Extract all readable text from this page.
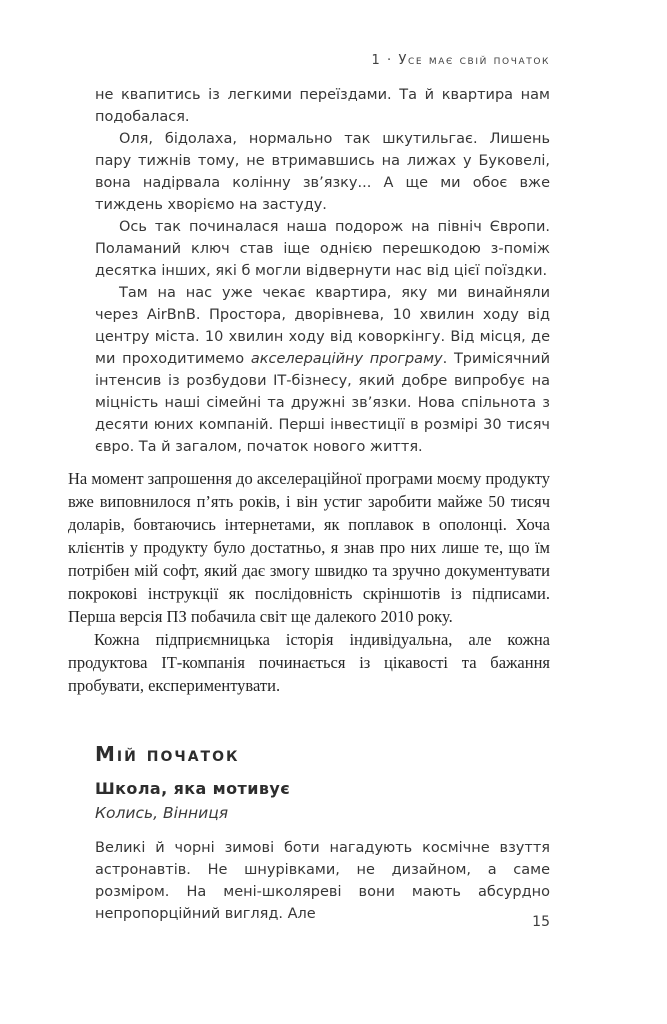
1 · Усе має свій початок

не квапитись із легкими переїздами. Та й квартира нам подобалася.

Оля, бідолаха, нормально так шкутильгає. Лишень пару тижнів тому, не втримавшись на лижах у Буковелі, вона надірвала колінну зв’язку... А ще ми обоє вже тиждень хворіємо на застуду.

Ось так починалася наша подорож на північ Європи. Поламаний ключ став іще однією перешкодою з-поміж десятка інших, які б могли відвернути нас від цієї поїздки.

Там на нас уже чекає квартира, яку ми винайняли через AirBnB. Простора, дворівнева, 10 хвилин ходу від центру міста. 10 хвилин ходу від коворкінгу. Від місця, де ми проходитимемо акселераційну програму. Тримісячний інтенсив із розбудови ІТ-бізнесу, який добре випробує на міцність наші сімейні та дружні зв’язки. Нова спільнота з десяти юних компаній. Перші інвестиції в розмірі 30 тисяч євро. Та й загалом, початок нового життя.

На момент запрошення до акселераційної програми моєму продукту вже виповнилося п’ять років, і він устиг заробити майже 50 тисяч доларів, бовтаючись інтернетами, як поплавок в ополонці. Хоча клієнтів у продукту було достатньо, я знав про них лише те, що їм потрібен мій софт, який дає змогу швидко та зручно документувати покрокові інструкції як послідовність скріншотів із підписами. Перша версія ПЗ побачила світ ще далекого 2010 року.

Кожна підприємницька історія індивідуальна, але кожна продуктова ІТ-компанія починається із цікавості та бажання пробувати, експериментувати.

Мій початок
Школа, яка мотивує

Колись, Вінниця

Великі й чорні зимові боти нагадують космічне взуття астронавтів. Не шнурівками, не дизайном, а саме розміром. На мені-школяреві вони мають абсурдно непропорційний вигляд. Але	15
